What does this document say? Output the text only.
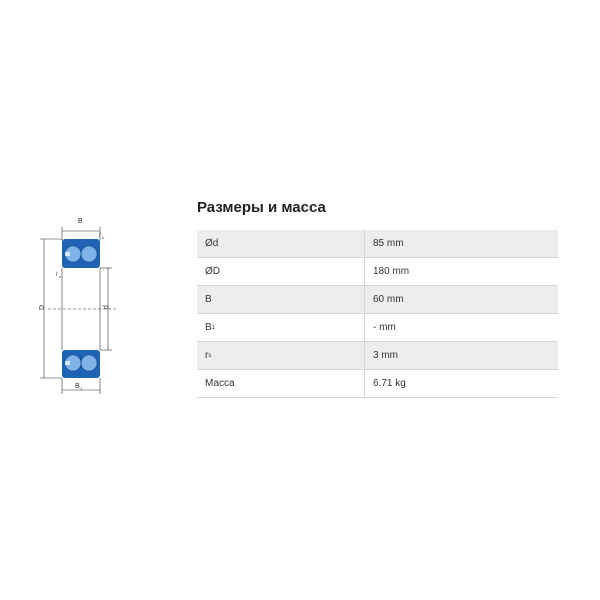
B
r s
D	d
r s
B 1
Размеры и масса
Ød	85 mm
ØD	180 mm
B	60 mm
B 1	- mm
r s	3 mm
Масса	6.71 kg
